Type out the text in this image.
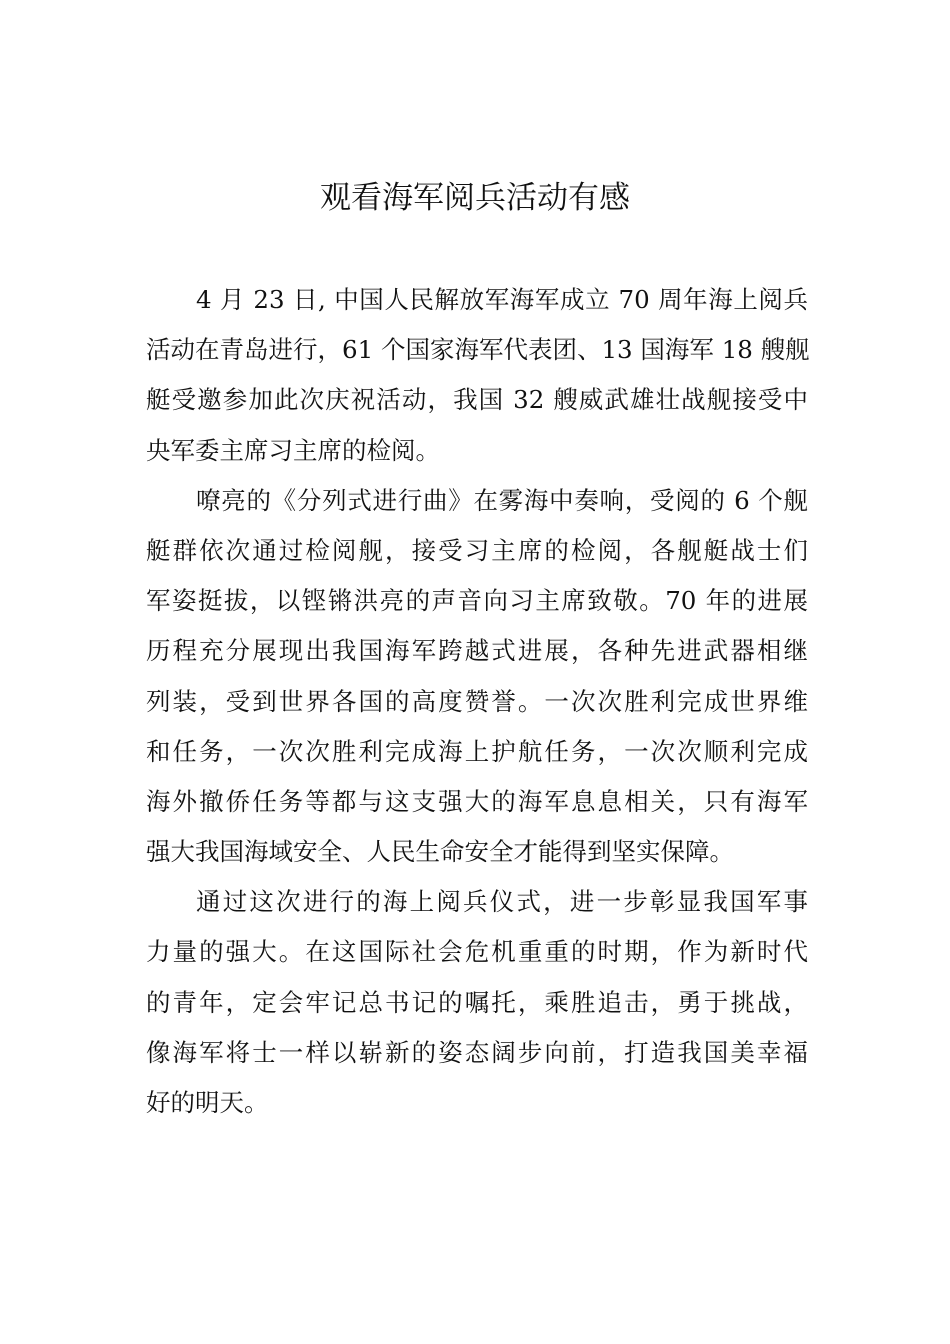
观看海军阅兵活动有感
4 月 23 日, 中国人民解放军海军成立 70 周年海上阅兵
活动在青岛进行，61 个国家海军代表团、13 国海军 18 艘舰
艇受邀参加此次庆祝活动，我国 32 艘威武雄壮战舰接受中
央军委主席习主席的检阅。
嘹亮的《分列式进行曲》在雾海中奏响，受阅的 6 个舰
艇群依次通过检阅舰，接受习主席的检阅，各舰艇战士们
军姿挺拔，以铿锵洪亮的声音向习主席致敬。70 年的进展
历程充分展现出我国海军跨越式进展，各种先进武器相继
列装，受到世界各国的高度赞誉。一次次胜利完成世界维
和任务，一次次胜利完成海上护航任务，一次次顺利完成
海外撤侨任务等都与这支强大的海军息息相关，只有海军
强大我国海域安全、人民生命安全才能得到坚实保障。
通过这次进行的海上阅兵仪式，进一步彰显我国军事
力量的强大。在这国际社会危机重重的时期，作为新时代
的青年，定会牢记总书记的嘱托，乘胜追击，勇于挑战，
像海军将士一样以崭新的姿态阔步向前，打造我国美幸福
好的明天。
